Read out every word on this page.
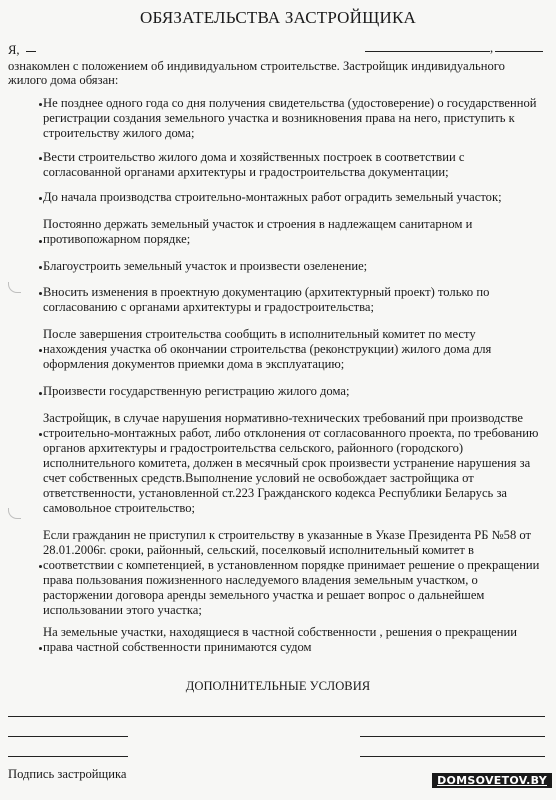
ОБЯЗАТЕЛЬСТВА ЗАСТРОЙЩИКА
Я,	,
ознакомлен с положением об индивидуальном строительстве. Застройщик индивидуального
жилого дома обязан:
Не позднее одного года со дня получения свидетельства (удостоверение) о государственной
регистрации создания земельного участка и возникновения права на него, приступить к
строительству жилого дома;
Вести строительство жилого дома и хозяйственных построек в соответствии с
согласованной органами архитектуры и градостроительства документации;
До начала производства строительно-монтажных работ оградить земельный участок;
Постоянно держать земельный участок и строения в надлежащем санитарном и
противопожарном порядке;
Благоустроить земельный участок и произвести озеленение;
Вносить изменения в проектную документацию (архитектурный проект) только по
согласованию с органами архитектуры и градостроительства;
После завершения строительства сообщить в исполнительный комитет по месту
нахождения участка об окончании строительства (реконструкции) жилого дома для
оформления документов приемки дома в эксплуатацию;
Произвести государственную регистрацию жилого дома;
Застройщик, в случае нарушения нормативно-технических требований при производстве
строительно-монтажных работ, либо отклонения от согласованного проекта, по требованию
органов архитектуры и градостроительства сельского, районного (городского)
исполнительного комитета, должен в месячный срок произвести устранение нарушения за
счет собственных средств.Выполнение условий не освобождает застройщика от
ответственности, установленной ст.223 Гражданского кодекса Республики Беларусь за
самовольное строительство;
Если гражданин не приступил к строительству в указанные в Указе Президента РБ №58 от
28.01.2006г. сроки, районный, сельский, поселковый исполнительный комитет в
соответствии с компетенцией, в установленном порядке принимает решение о прекращении
права пользования пожизненного наследуемого владения земельным участком, о
расторжении договора аренды земельного участка и решает вопрос о дальнейшем
использовании этого участка;
На земельные участки, находящиеся в частной собственности , решения о прекращении
права частной собственности принимаются судом
ДОПОЛНИТЕЛЬНЫЕ УСЛОВИЯ
Подпись застройщика	DOMSOVETOV.BY
